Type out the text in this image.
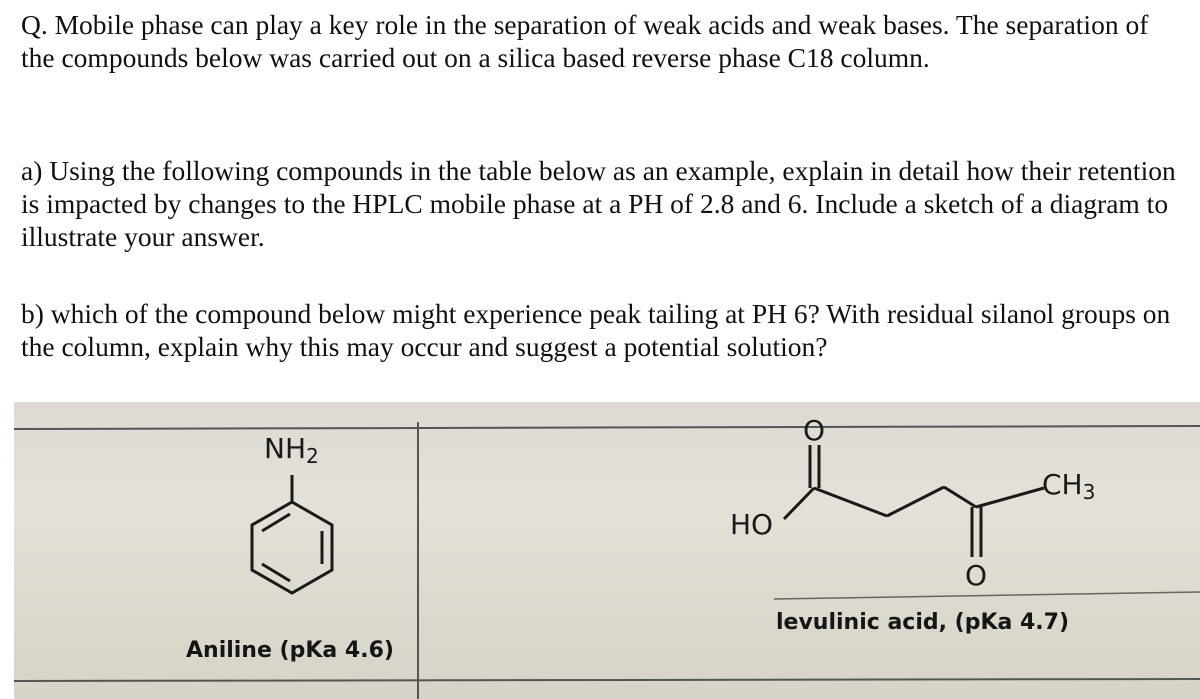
Q. Mobile phase can play a key role in the separation of weak acids and weak bases. The separation of the compounds below was carried out on a silica based reverse phase C18 column.

a) Using the following compounds in the table below as an example, explain in detail how their retention is impacted by changes to the HPLC mobile phase at a PH of 2.8 and 6. Include a sketch of a diagram to illustrate your answer.
b) which of the compound below might experience peak tailing at PH 6? With residual silanol groups on the column, explain why this may occur and suggest a potential solution?
NH2
Aniline (pKa 4.6)
HO
O
O
CH3
levulinic acid, (pKa 4.7)
